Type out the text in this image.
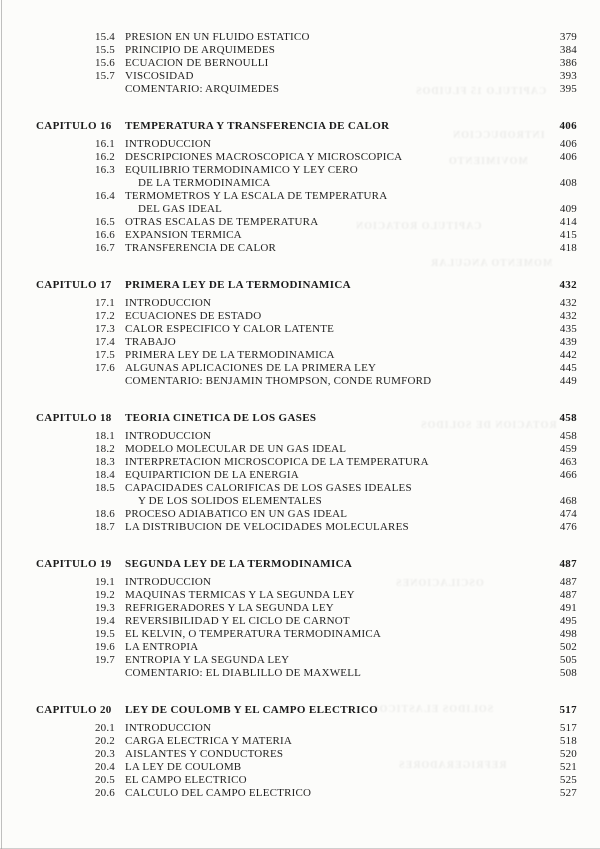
15.4 PRESION EN UN FLUIDO ESTATICO	379
15.5 PRINCIPIO DE ARQUIMEDES	384
15.6 ECUACION DE BERNOULLI	386
15.7 VISCOSIDAD	393
COMENTARIO: ARQUIMEDES	395
CAPITULO 16	TEMPERATURA Y TRANSFERENCIA DE CALOR	406
16.1 INTRODUCCION	406
16.2 DESCRIPCIONES MACROSCOPICA Y MICROSCOPICA	406
16.3 EQUILIBRIO TERMODINAMICO Y LEY CERO
DE LA TERMODINAMICA	408
16.4 TERMOMETROS Y LA ESCALA DE TEMPERATURA
DEL GAS IDEAL	409
16.5 OTRAS ESCALAS DE TEMPERATURA	414
16.6 EXPANSION TERMICA	415
16.7 TRANSFERENCIA DE CALOR	418
CAPITULO 17	PRIMERA LEY DE LA TERMODINAMICA	432
17.1 INTRODUCCION	432
17.2 ECUACIONES DE ESTADO	432
17.3 CALOR ESPECIFICO Y CALOR LATENTE	435
17.4 TRABAJO	439
17.5 PRIMERA LEY DE LA TERMODINAMICA	442
17.6 ALGUNAS APLICACIONES DE LA PRIMERA LEY	445
COMENTARIO: BENJAMIN THOMPSON, CONDE RUMFORD	449
CAPITULO 18	TEORIA CINETICA DE LOS GASES	458
18.1 INTRODUCCION	458
18.2 MODELO MOLECULAR DE UN GAS IDEAL	459
18.3 INTERPRETACION MICROSCOPICA DE LA TEMPERATURA	463
18.4 EQUIPARTICION DE LA ENERGIA	466
18.5 CAPACIDADES CALORIFICAS DE LOS GASES IDEALES
Y DE LOS SOLIDOS ELEMENTALES	468
18.6 PROCESO ADIABATICO EN UN GAS IDEAL	474
18.7 LA DISTRIBUCION DE VELOCIDADES MOLECULARES	476
CAPITULO 19	SEGUNDA LEY DE LA TERMODINAMICA	487
19.1 INTRODUCCION	487
19.2 MAQUINAS TERMICAS Y LA SEGUNDA LEY	487
19.3 REFRIGERADORES Y LA SEGUNDA LEY	491
19.4 REVERSIBILIDAD Y EL CICLO DE CARNOT	495
19.5 EL KELVIN, O TEMPERATURA TERMODINAMICA	498
19.6 LA ENTROPIA	502
19.7 ENTROPIA Y LA SEGUNDA LEY	505
COMENTARIO: EL DIABLILLO DE MAXWELL	508
CAPITULO 20	LEY DE COULOMB Y EL CAMPO ELECTRICO	517
20.1 INTRODUCCION	517
20.2 CARGA ELECTRICA Y MATERIA	518
20.3 AISLANTES Y CONDUCTORES	520
20.4 LA LEY DE COULOMB	521
20.5 EL CAMPO ELECTRICO	525
20.6 CALCULO DEL CAMPO ELECTRICO	527
CAPITULO 15 FLUIDOS
INTRODUCCION
MOVIMIENTO
CAPITULO ROTACION
MOMENTO ANGULAR
ROTACION DE SOLIDOS
OSCILACIONES
SOLIDOS ELASTICOS
REFRIGERADORES
